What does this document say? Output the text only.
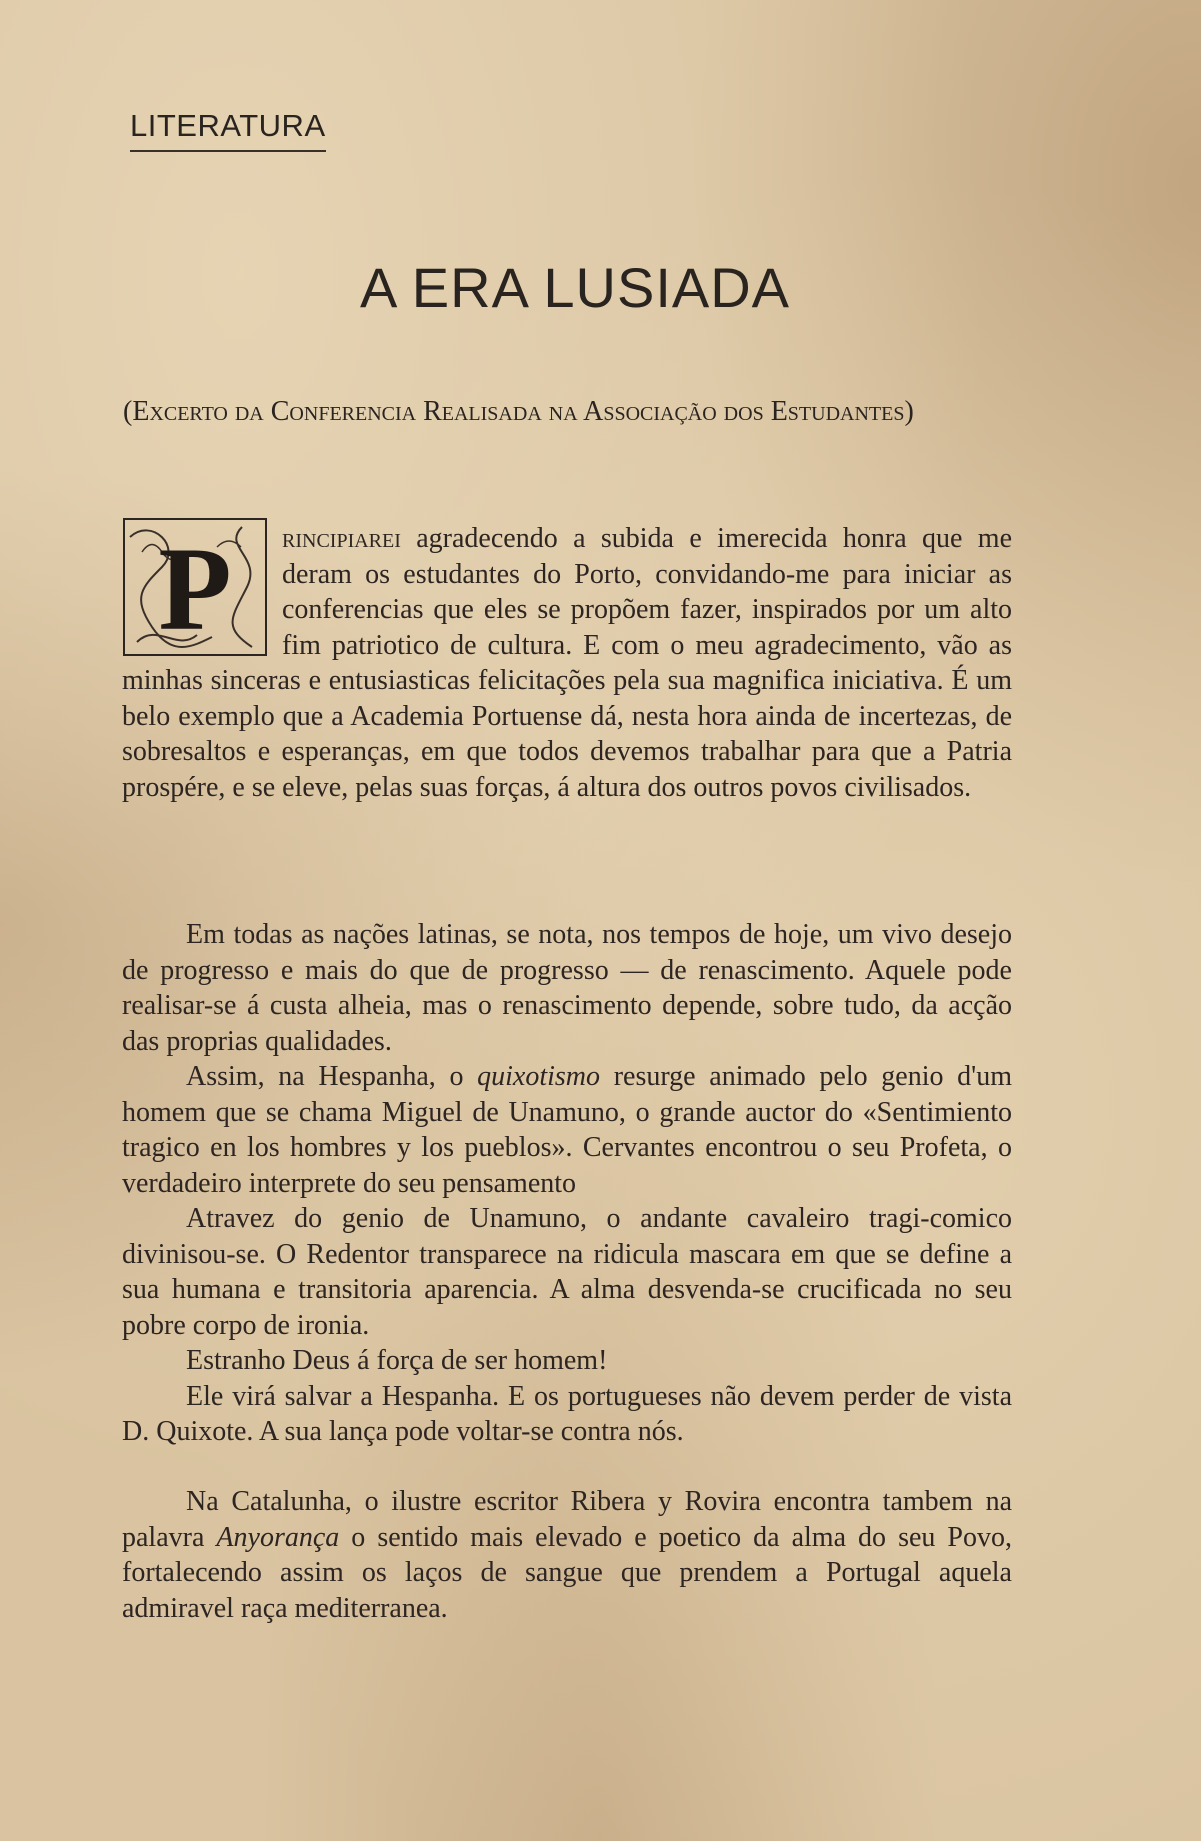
LITERATURA
A ERA LUSIADA
(Excerto da Conferencia Realisada na Associação dos Estudantes)
P	rincipiarei agradecendo a subida e imerecida honra que me deram os estudantes do Porto, convidando-me para iniciar as conferencias que eles se propõem fazer, inspirados por um alto fim patriotico de cultura. E com o meu agradecimento, vão as minhas sinceras e entusiasticas felicitações pela sua magnifica iniciativa. É um belo exemplo que a Academia Portuense dá, nesta hora ainda de incertezas, de sobresaltos e esperanças, em que todos devemos trabalhar para que a Patria prospére, e se eleve, pelas suas forças, á altura dos outros povos civilisados.

Em todas as nações latinas, se nota, nos tempos de hoje, um vivo desejo de progresso e mais do que de progresso — de renascimento. Aquele pode realisar-se á custa alheia, mas o renascimento depende, sobre tudo, da acção das proprias qualidades.

Assim, na Hespanha, o quixotismo resurge animado pelo genio d'um homem que se chama Miguel de Unamuno, o grande auctor do «Sentimiento tragico en los hombres y los pueblos». Cervantes encontrou o seu Profeta, o verdadeiro interprete do seu pensamento

Atravez do genio de Unamuno, o andante cavaleiro tragi-comico divinisou-se. O Redentor transparece na ridicula mascara em que se define a sua humana e transitoria aparencia. A alma desvenda-se crucificada no seu pobre corpo de ironia.

Estranho Deus á força de ser homem!

Ele virá salvar a Hespanha. E os portugueses não devem perder de vista D. Quixote. A sua lança pode voltar-se contra nós.

Na Catalunha, o ilustre escritor Ribera y Rovira encontra tambem na palavra Anyorança o sentido mais elevado e poetico da alma do seu Povo, fortalecendo assim os laços de sangue que prendem a Portugal aquela admiravel raça mediterranea.
